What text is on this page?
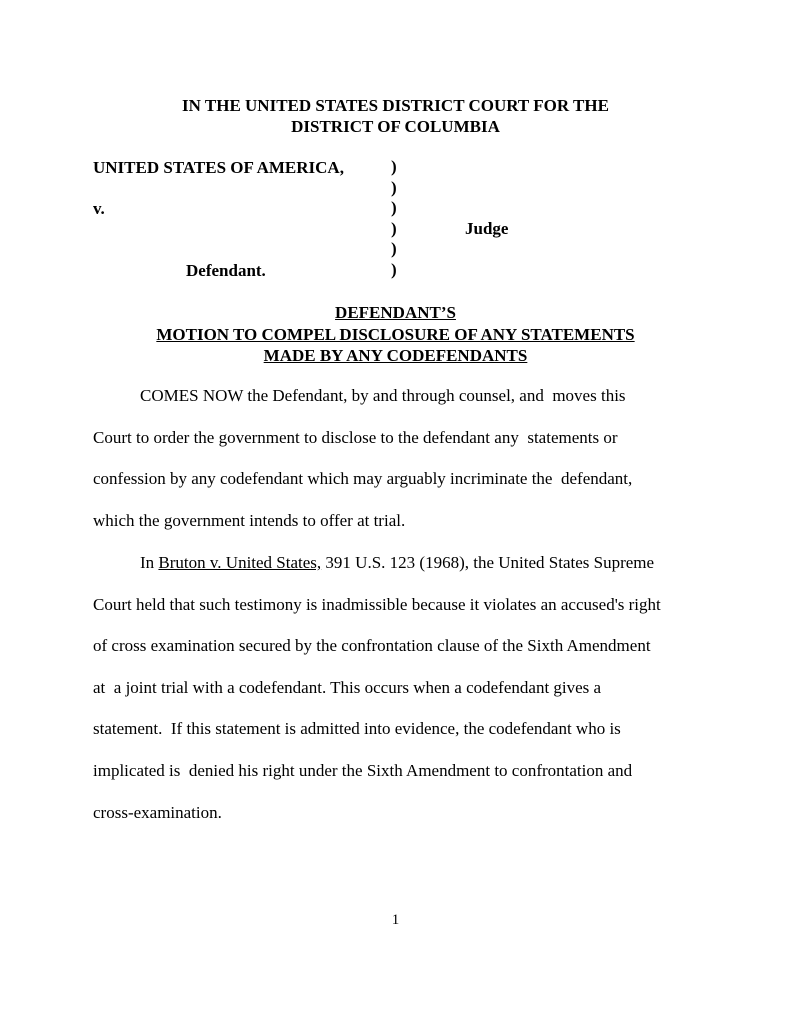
IN THE UNITED STATES DISTRICT COURT FOR THE
DISTRICT OF COLUMBIA
UNITED STATES OF AMERICA,
v.
Defendant.
)
)
)
)
)
)
Judge
DEFENDANT’S
MOTION TO COMPEL DISCLOSURE OF ANY STATEMENTS
MADE BY ANY CODEFENDANTS
COMES NOW the Defendant, by and through counsel, and  moves this
Court to order the government to disclose to the defendant any  statements or
confession by any codefendant which may arguably incriminate the  defendant,
which the government intends to offer at trial.
In Bruton v. United States, 391 U.S. 123 (1968), the United States Supreme
Court held that such testimony is inadmissible because it violates an accused's right
of cross examination secured by the confrontation clause of the Sixth Amendment
at  a joint trial with a codefendant. This occurs when a codefendant gives a
statement.  If this statement is admitted into evidence, the codefendant who is
implicated is  denied his right under the Sixth Amendment to confrontation and
cross-examination.
1
